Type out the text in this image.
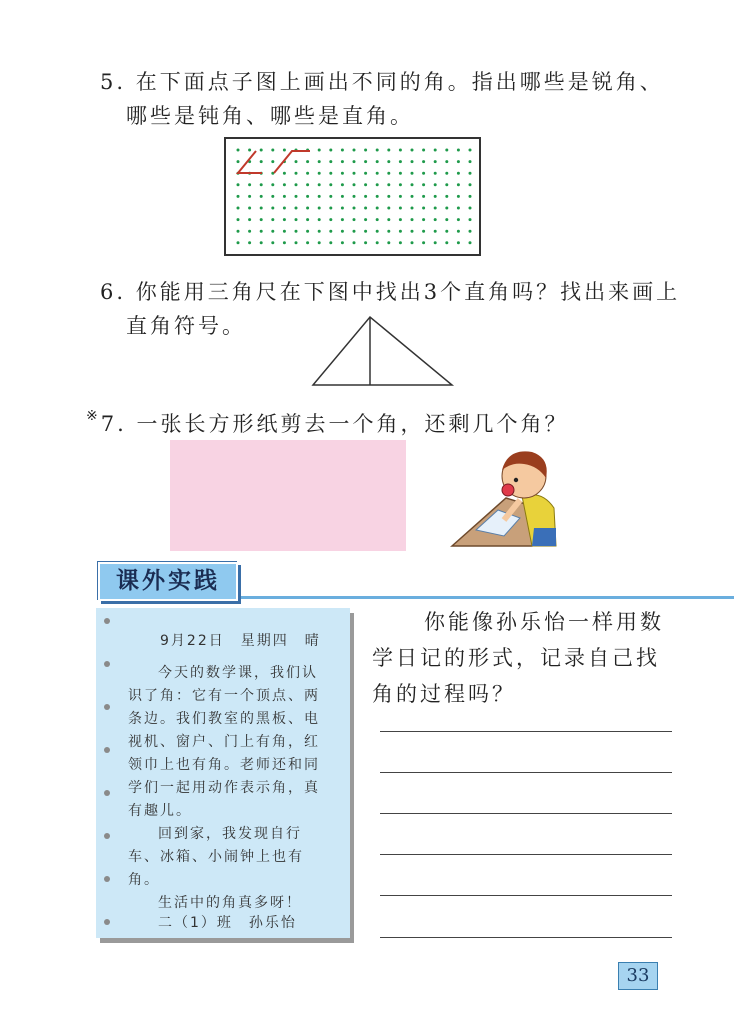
5. 在下面点子图上画出不同的角。指出哪些是锐角、
哪些是钝角、哪些是直角。
6. 你能用三角尺在下图中找出3个直角吗？找出来画上
直角符号。
※7. 一张长方形纸剪去一个角，还剩几个角？
课外实践
9月22日　星期四　晴
今天的数学课，我们认
识了角：它有一个顶点、两
条边。我们教室的黑板、电
视机、窗户、门上有角，红
领巾上也有角。老师还和同
学们一起用动作表示角，真
有趣儿。
回到家，我发现自行
车、冰箱、小闹钟上也有
角。
生活中的角真多呀！
二（1）班　孙乐怡
你能像孙乐怡一样用数
学日记的形式，记录自己找
角的过程吗？
33
